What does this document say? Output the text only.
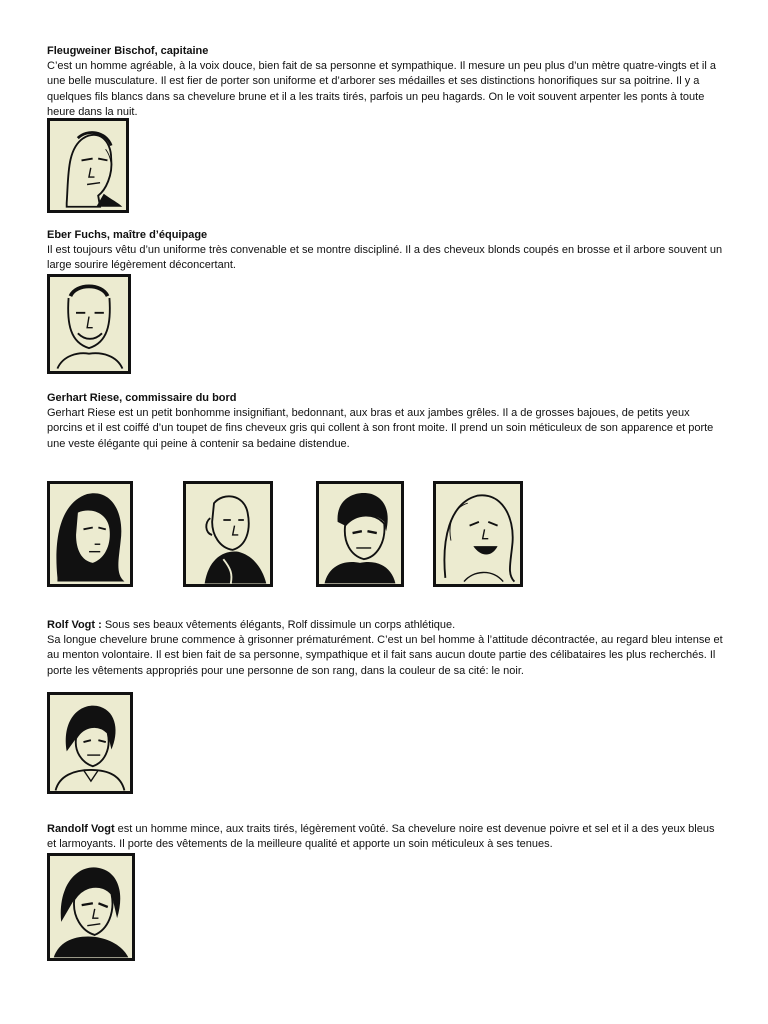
Fleugweiner Bischof, capitaine

C’est un homme agréable, à la voix douce, bien fait de sa personne et sympathique. Il mesure un peu plus d’un mètre quatre-vingts et il a une belle musculature. Il est fier de porter son uniforme et d’arborer ses médailles et ses distinctions honorifiques sur sa poitrine. Il y a quelques fils blancs dans sa chevelure brune et il a les traits tirés, parfois un peu hagards. On le voit souvent arpenter les ponts à toute heure dans la nuit.

Eber Fuchs, maître d’équipage

Il est toujours vêtu d’un uniforme très convenable et se montre discipliné. Il a des cheveux blonds coupés en brosse et il arbore souvent un large sourire légèrement déconcertant.

Gerhart Riese, commissaire du bord

Gerhart Riese est un petit bonhomme insignifiant, bedonnant, aux bras et aux jambes grêles. Il a de grosses bajoues, de petits yeux porcins et il est coiffé d’un toupet de fins cheveux gris qui collent à son front moite. Il prend un soin méticuleux de son apparence et porte une veste élégante qui peine à contenir sa bedaine distendue.

Rolf Vogt : Sous ses beaux vêtements élégants, Rolf dissimule un corps athlétique.

Sa longue chevelure brune commence à grisonner prématurément. C’est un bel homme à l’attitude décontractée, au regard bleu intense et au menton volontaire. Il est bien fait de sa personne, sympathique et il fait sans aucun doute partie des célibataires les plus recherchés. Il porte les vêtements appropriés pour une personne de son rang, dans la couleur de sa cité: le noir.

Randolf Vogt est un homme mince, aux traits tirés, légèrement voûté. Sa chevelure noire est devenue poivre et sel et il a des yeux bleus et larmoyants. Il porte des vêtements de la meilleure qualité et apporte un soin méticuleux à ses tenues.
